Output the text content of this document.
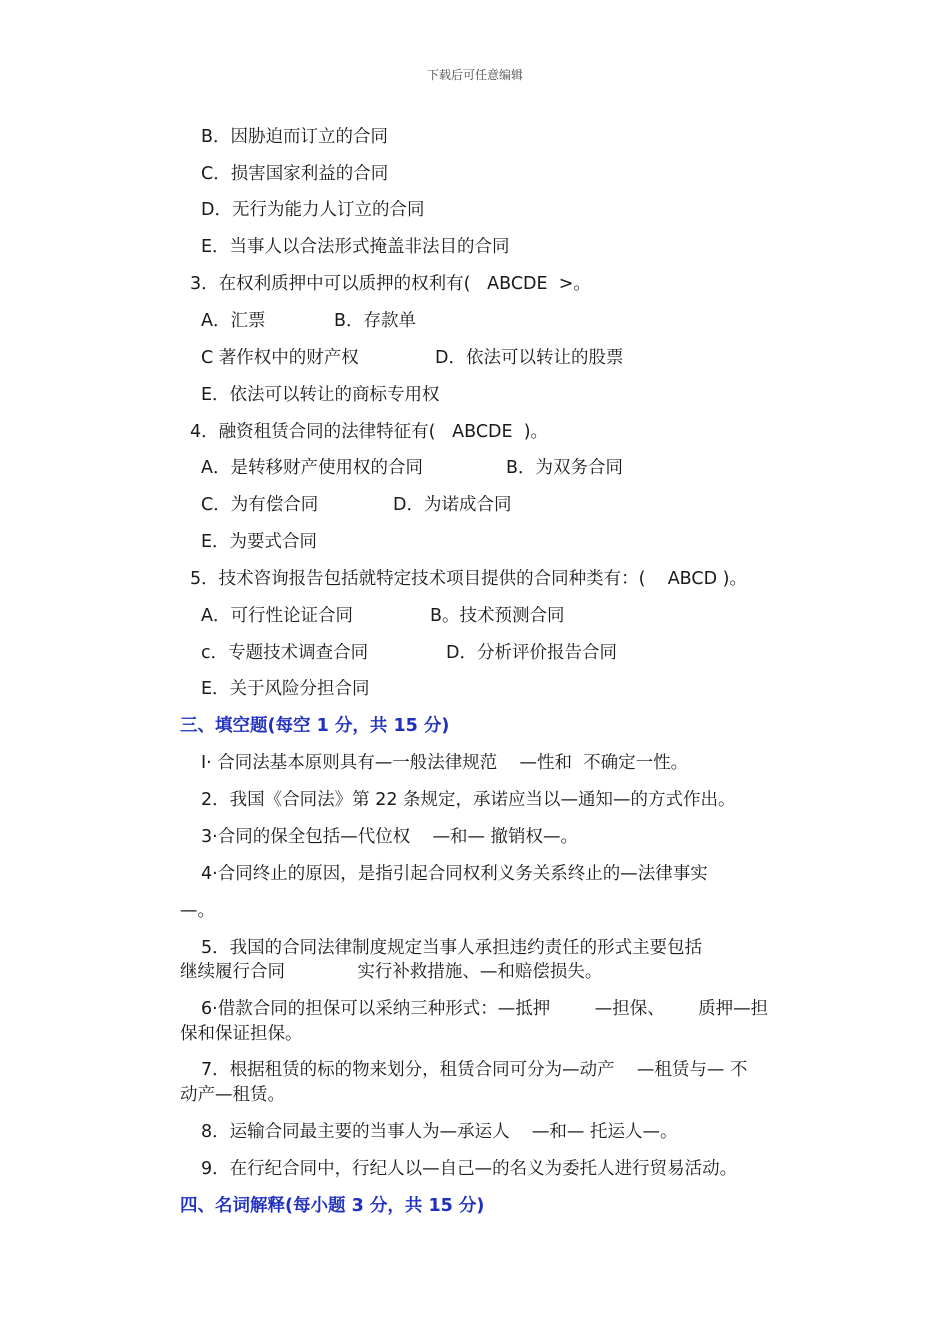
下载后可任意编辑
B．因胁迫而订立的合同
C．损害国家利益的合同
D．无行为能力人订立的合同
E．当事人以合法形式掩盖非法目的合同
3．在权利质押中可以质押的权利有(   ABCDE  >。
A．汇票	B．存款单
C 著作权中的财产权	D．依法可以转让的股票
E．依法可以转让的商标专用权
4．融资租赁合同的法律特征有(   ABCDE  )。
A．是转移财产使用权的合同	B．为双务合同
C．为有偿合同	D．为诺成合同
E．为要式合同
5．技术咨询报告包括就特定技术项目提供的合同种类有：(    ABCD )。
A．可行性论证合同	B。技术预测合同
c．专题技术调查合同	D．分析评价报告合同
E．关于风险分担合同
三、填空题(每空 1 分，共 15 分)
I· 合同法基本原则具有—一般法律规范    —性和  不确定一性。
2．我国《合同法》第 22 条规定，承诺应当以—通知—的方式作出。
3·合同的保全包括—代位权    —和— 撤销权—。
4·合同终止的原因，是指引起合同权利义务关系终止的—法律事实
—。
5．我国的合同法律制度规定当事人承担违约责任的形式主要包括
继续履行合同             实行补救措施、—和赔偿损失。
6·借款合同的担保可以采纳三种形式：—抵押        —担保、      质押—担
保和保证担保。
7．根据租赁的标的物来划分，租赁合同可分为—动产    —租赁与— 不
动产—租赁。
8．运输合同最主要的当事人为—承运人    —和— 托运人—。
9．在行纪合同中，行纪人以—自己—的名义为委托人进行贸易活动。
四、名词解释(每小题 3 分，共 15 分)
